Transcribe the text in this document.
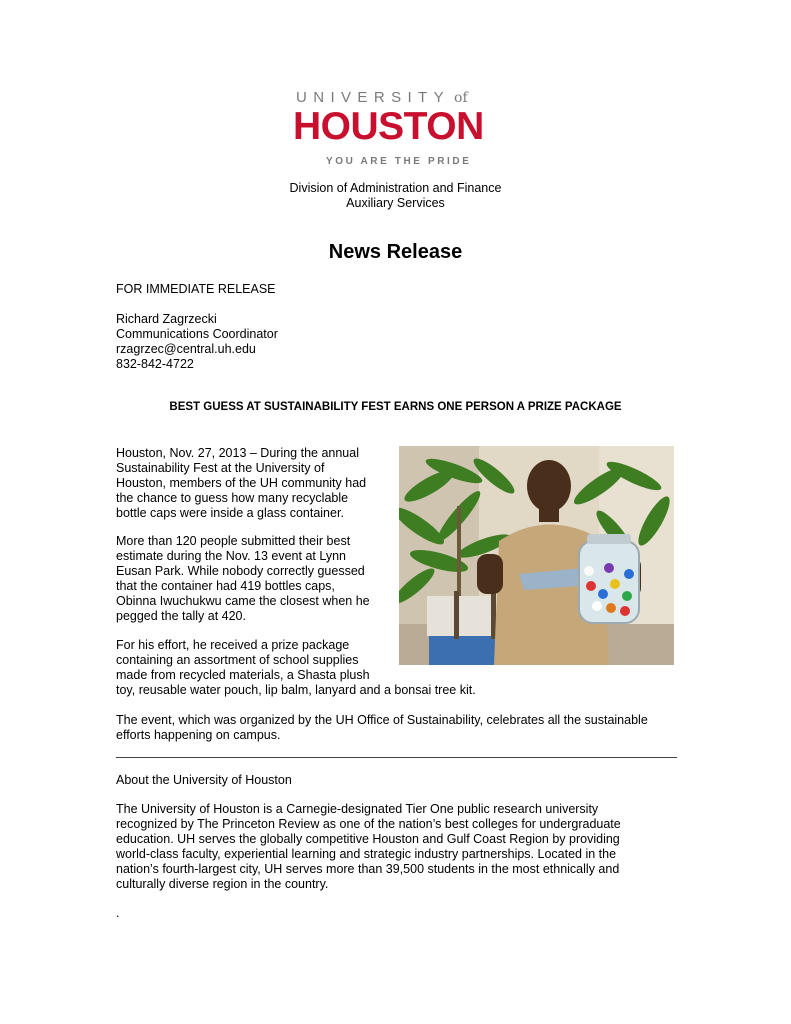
UNIVERSITY of
HOUSTON
YOU ARE THE PRIDE
Division of Administration and Finance
Auxiliary Services
News Release
FOR IMMEDIATE RELEASE
Richard Zagrzecki
Communications Coordinator
rzagrzec@central.uh.edu
832-842-4722
BEST GUESS AT SUSTAINABILITY FEST EARNS ONE PERSON A PRIZE PACKAGE
Houston, Nov. 27, 2013 – During the annual
Sustainability Fest at the University of
Houston, members of the UH community had
the chance to guess how many recyclable
bottle caps were inside a glass container.
More than 120 people submitted their best
estimate during the Nov. 13 event at Lynn
Eusan Park. While nobody correctly guessed
that the container had 419 bottles caps,
Obinna Iwuchukwu came the closest when he
pegged the tally at 420.
For his effort, he received a prize package
containing an assortment of school supplies
made from recycled materials, a Shasta plush
toy, reusable water pouch, lip balm, lanyard and a bonsai tree kit.
The event, which was organized by the UH Office of Sustainability, celebrates all the sustainable
efforts happening on campus.
About the University of Houston
The University of Houston is a Carnegie-designated Tier One public research university
recognized by The Princeton Review as one of the nation’s best colleges for undergraduate
education. UH serves the globally competitive Houston and Gulf Coast Region by providing
world-class faculty, experiential learning and strategic industry partnerships. Located in the
nation’s fourth-largest city, UH serves more than 39,500 students in the most ethnically and
culturally diverse region in the country.
.
